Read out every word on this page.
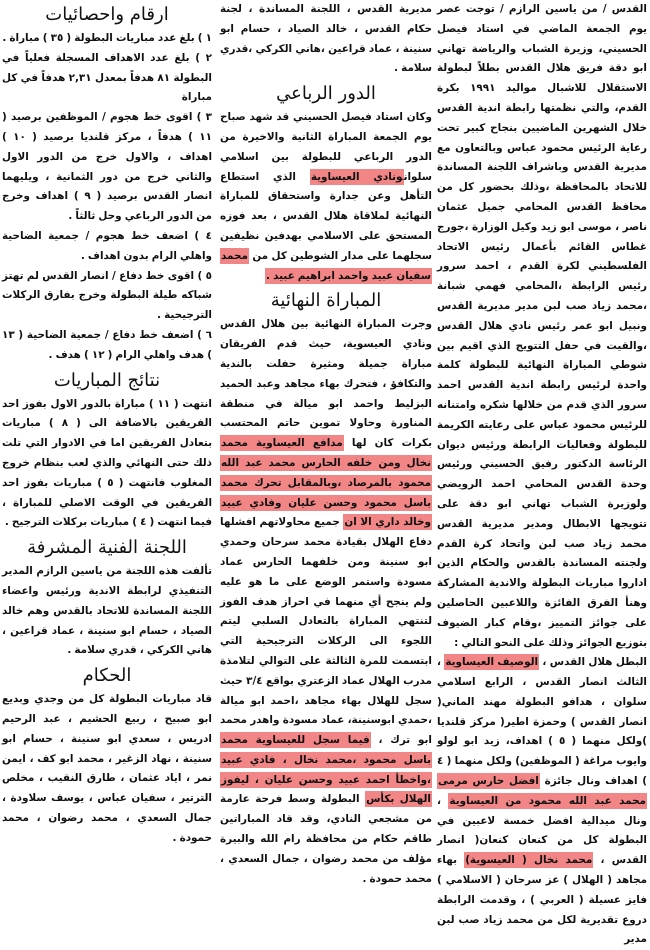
القدس / من ياسين الرازم / توجت عصر يوم الجمعة الماضي في استاد فيصل الحسيني، وزيرة الشباب والرياضة تهاني ابو دقة فريق هلال القدس بطلاً لبطولة الاستقلال للاشبال مواليد ١٩٩١ بكرة القدم، والتي نظمتها رابطة اندية القدس خلال الشهرين الماضيين بنجاح كبير تحت رعاية الرئيس محمود عباس وبالتعاون مع مديرية القدس وباشراف اللجنة المساندة للاتحاد بالمحافظة ،وذلك بحضور كل من محافظ القدس المحامي جميل عثمان ناصر ، موسى ابو زيد وكيل الوزارة ،جورج غطاس القائم بأعمال رئيس الاتحاد الفلسطيني لكرة القدم ، احمد سرور رئيس الرابطة ،المحامي فهمي شبانة ،محمد زياد صب لبن مدير مديرية القدس ونبيل ابو عمر رئيس نادي هلال القدس ،والقيت في حفل التتويج الذي اقيم بين شوطي المباراة النهائية للبطولة كلمة واحدة لرئيس رابطة اندية القدس احمد سرور الذي قدم من خلالها شكره وامتنانه للرئيس محمود عباس على رعايته الكريمة للبطولة وفعاليات الرابطة ورئيس ديوان الرئاسة الدكتور رفيق الحسيني ورئيس وحدة القدس المحامي احمد الرويضي ولوزيرة الشباب تهاني ابو دقة على تتويجها الابطال ومدير مديرية القدس محمد زياد صب لبن واتحاد كرة القدم ولجنته المساندة بالقدس والحكام الذين اداروا مباريات البطولة والاندية المشاركة وهنأ الفرق الفائزة واللاعبين الحاصلين على جوائز التمييز ،وقام كبار الضيوف بتوزيع الجوائز وذلك على النحو التالي :

البطل هلال القدس ، الوصيف العيساوية ، الثالث انصار القدس ، الرابع اسلامي سلوان ، هدافو البطولة مهند الماني( انصار القدس ) وحمزة اطير( مركز قلنديا )ولكل منهما ( ٥ ) اهداف، زيد ابو لولو وايوب مراغة ( الموظفين) ولكل منهما ( ٤ ) اهداف ونال جائزة افضل حارس مرمى محمد عبد الله محمود من العيساوية ، ونال ميدالية افضل خمسة لاعبين في البطولة كل من كنعان كنعان( انصار القدس ، محمد نخال ( العيسوية) بهاء مجاهد ( الهلال ) عز سرحان ( الاسلامي ) فايز عسيلة ( العربي ) ، وقدمت الرابطة دروع تقديرية لكل من محمد زياد صب لبن مدير

مديرية القدس ، اللجنة المساندة ، لجنة حكام القدس ، خالد الصياد ، حسام ابو سنينة ، عماد قراعين ،هاني الكركي ،قدري سلامة .

الدور الرباعي

وكان استاد فيصل الحسيني قد شهد صباح يوم الجمعة المباراة الثانية والاخيرة من الدور الرباعي للبطولة بين اسلامي سلوانونادي العيساوية الذي استطاع التأهل وعن جدارة واستحقاق للمباراة النهائية لملاقاة هلال القدس ، بعد فوزه المستحق على الاسلامي بهدفين نظيفين سجلهما على مدار الشوطين كل من محمد سفيان عبيد واحمد ابراهيم عبيد .

المباراة النهائية

وجرت المباراة النهائية بين هلال القدس ونادي العيسوية، حيث قدم الفريقان مباراة جميلة ومثيرة حفلت بالندية والتكافؤ ، فتحرك بهاء مجاهد وعبد الحميد البزليط واحمد ابو ميالة في منطقة المناورة وحاولا تموين حاتم المحتسب بكرات كان لها مدافع العيساوية محمد نخال ومن خلفه الحارس محمد عبد الله محمود بالمرصاد ،وبالمقابل تحرك محمد باسل محمود وحسن عليان وفادي عبيد وخالد داري الا ان جميع محاولاتهم افشلها دفاع الهلال بقيادة محمد سرحان وحمدي ابو سنينة ومن خلفهما الحارس عماد مسودة واستمر الوضع على ما هو عليه ولم ينجح أي منهما في احراز هدف الفوز لتنتهي المباراة بالتعادل السلبي ليتم اللجوء الى الركلات الترجيحية التي ابتسمت للمرة الثالثة على التوالي لتلامذة مدرب الهلال عماد الزعتري بواقع ٣/٤ حيث سجل للهلال بهاء مجاهد ،احمد ابو ميالة ،حمدي ابوسنينة، عماد مسودة واهدر محمد ابو ترك ، فيما سجل للعيساوية محمد باسل محمود ،محمد نخال ، فادي عبيد ،واخطأ احمد عبيد وحسن عليان ، ليفوز الهلال بكأس البطولة وسط فرحة عارمة من مشجعي النادي، وقد قاد المباراتين طاقم حكام من محافظة رام الله والبيرة مؤلف من محمد رضوان ، جمال السعدي ، محمد حمودة .

ارقام واحصائيات

١ ) بلغ عدد مباريات البطولة ( ٣٥ ) مباراة .

٢ ) بلغ عدد الاهداف المسجلة فعلياً في البطولة ٨١ هدفاً بمعدل ٢,٣١ هدفاً في كل مباراة

٣ ) اقوى خط هجوم / الموظفين برصيد ( ١١ ) هدفاً ، مركز قلنديا برصيد ( ١٠ ) اهداف ، والاول خرج من الدور الاول والثاني خرج من دور الثمانية ، ويليهما انصار القدس برصيد ( ٩ ) اهداف وخرج من الدور الرباعي وحل ثالثاً .

٤ ) اضعف خط هجوم / جمعية الضاحية واهلي الرام بدون اهداف .

٥ ) اقوى خط دفاع / انصار القدس لم تهتز شباكه طيلة البطولة وخرج بفارق الركلات الترجيحية .

٦ ) اضعف خط دفاع / جمعية الضاحية ( ١٣ ) هدف واهلي الرام ( ١٢ ) هدف .

نتائج المباريات

انتهت ( ١١ ) مباراة بالدور الاول بفوز احد الفريقين بالاضافة الى ( ٨ ) مباريات بتعادل الفريقين اما في الادوار التي تلت ذلك حتى النهائي والذي لعب بنظام خروج المغلوب فانتهت ( ٥ ) مباريات بفوز احد الفريقين في الوقت الاصلي للمباراة ، فيما انتهت ( ٤ ) مباريات بركلات الترجيح .

اللجنة الفنية المشرفة

تألفت هذه اللجنة من ياسين الرازم المدير التنفيذي لرابطة الاندية ورئيس واعضاء اللجنة المساندة للاتحاد بالقدس وهم خالد الصياد ، حسام ابو سنينة ، عماد قراعين ، هاني الكركي ، قدري سلامة .

الحكام

قاد مباريات البطولة كل من وجدي وبديع ابو صبيح ، ربيع الحشيم ، عبد الرحيم ادريس ، سعدي ابو سنينة ، حسام ابو سنينة ، نهاد الزغير ، محمد ابو كف ، ايمن نمر ، اياد عثمان ، طارق النقيب ، مخلص الترتير ، سفيان عباس ، يوسف سلاودة ، جمال السعدي ، محمد رضوان ، محمد حمودة .
